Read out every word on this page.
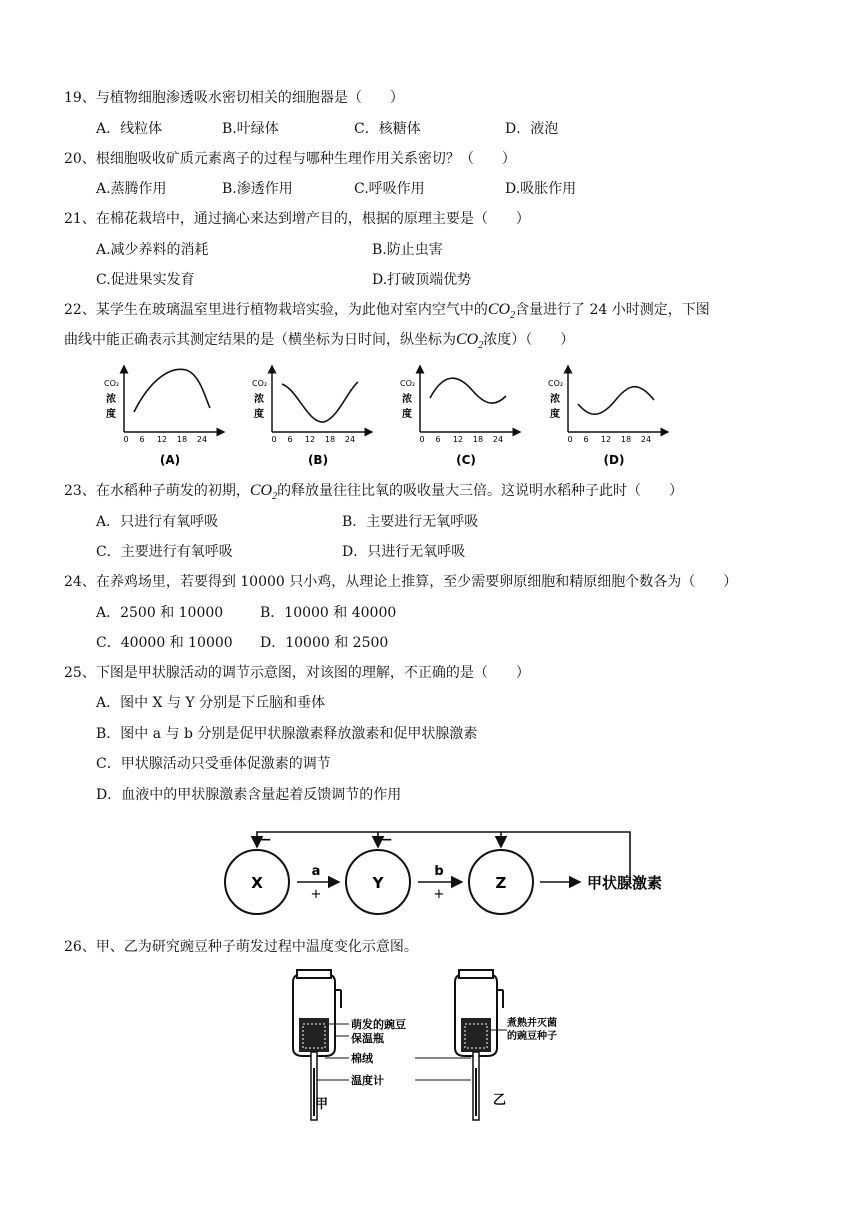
19、与植物细胞渗透吸水密切相关的细胞器是（　　）
A．线粒体	B.叶绿体	C．核糖体	D．液泡
20、根细胞吸收矿质元素离子的过程与哪种生理作用关系密切？（　　）
A.蒸腾作用	B.渗透作用	C.呼吸作用	D.吸胀作用
21、在棉花栽培中，通过摘心来达到增产目的，根据的原理主要是（　　）
A.减少养料的消耗	B.防止虫害
C.促进果实发育	D.打破顶端优势
22、某学生在玻璃温室里进行植物栽培实验，为此他对室内空气中的$CO_2$含量进行了 24 小时测定，下图
曲线中能正确表示其测定结果的是（横坐标为日时间，纵坐标为$CO_2$浓度）（　　）
CO₂
浓
度
0 6 12 18 24
(A)
CO₂
浓
度
0 6 12 18 24
(B)
CO₂
浓
度
0 6 12 18 24
(C)
CO₂
浓
度
0 6 12 18 24
(D)
23、在水稻种子萌发的初期，$CO_2$的释放量往往比氧的吸收量大三倍。这说明水稻种子此时（　　）
A．只进行有氧呼吸	B．主要进行无氧呼吸
C．主要进行有氧呼吸	D．只进行无氧呼吸
24、在养鸡场里，若要得到 10000 只小鸡，从理论上推算，至少需要卵原细胞和精原细胞个数各为（　　）
A．2500 和 10000	B．10000 和 40000
C．40000 和 10000 D．10000 和 2500
25、下图是甲状腺活动的调节示意图，对该图的理解，不正确的是（　　）
A．图中 X 与 Y 分别是下丘脑和垂体
B．图中 a 与 b 分别是促甲状腺激素释放激素和促甲状腺激素
C．甲状腺活动只受垂体促激素的调节
D．血液中的甲状腺激素含量起着反馈调节的作用
−	−
X	Y	Z
a
+
b
+
甲状腺激素
26、甲、乙为研究豌豆种子萌发过程中温度变化示意图。
萌发的豌豆
保温瓶
棉绒
温度计
甲
煮熟并灭菌
的豌豆种子
乙
